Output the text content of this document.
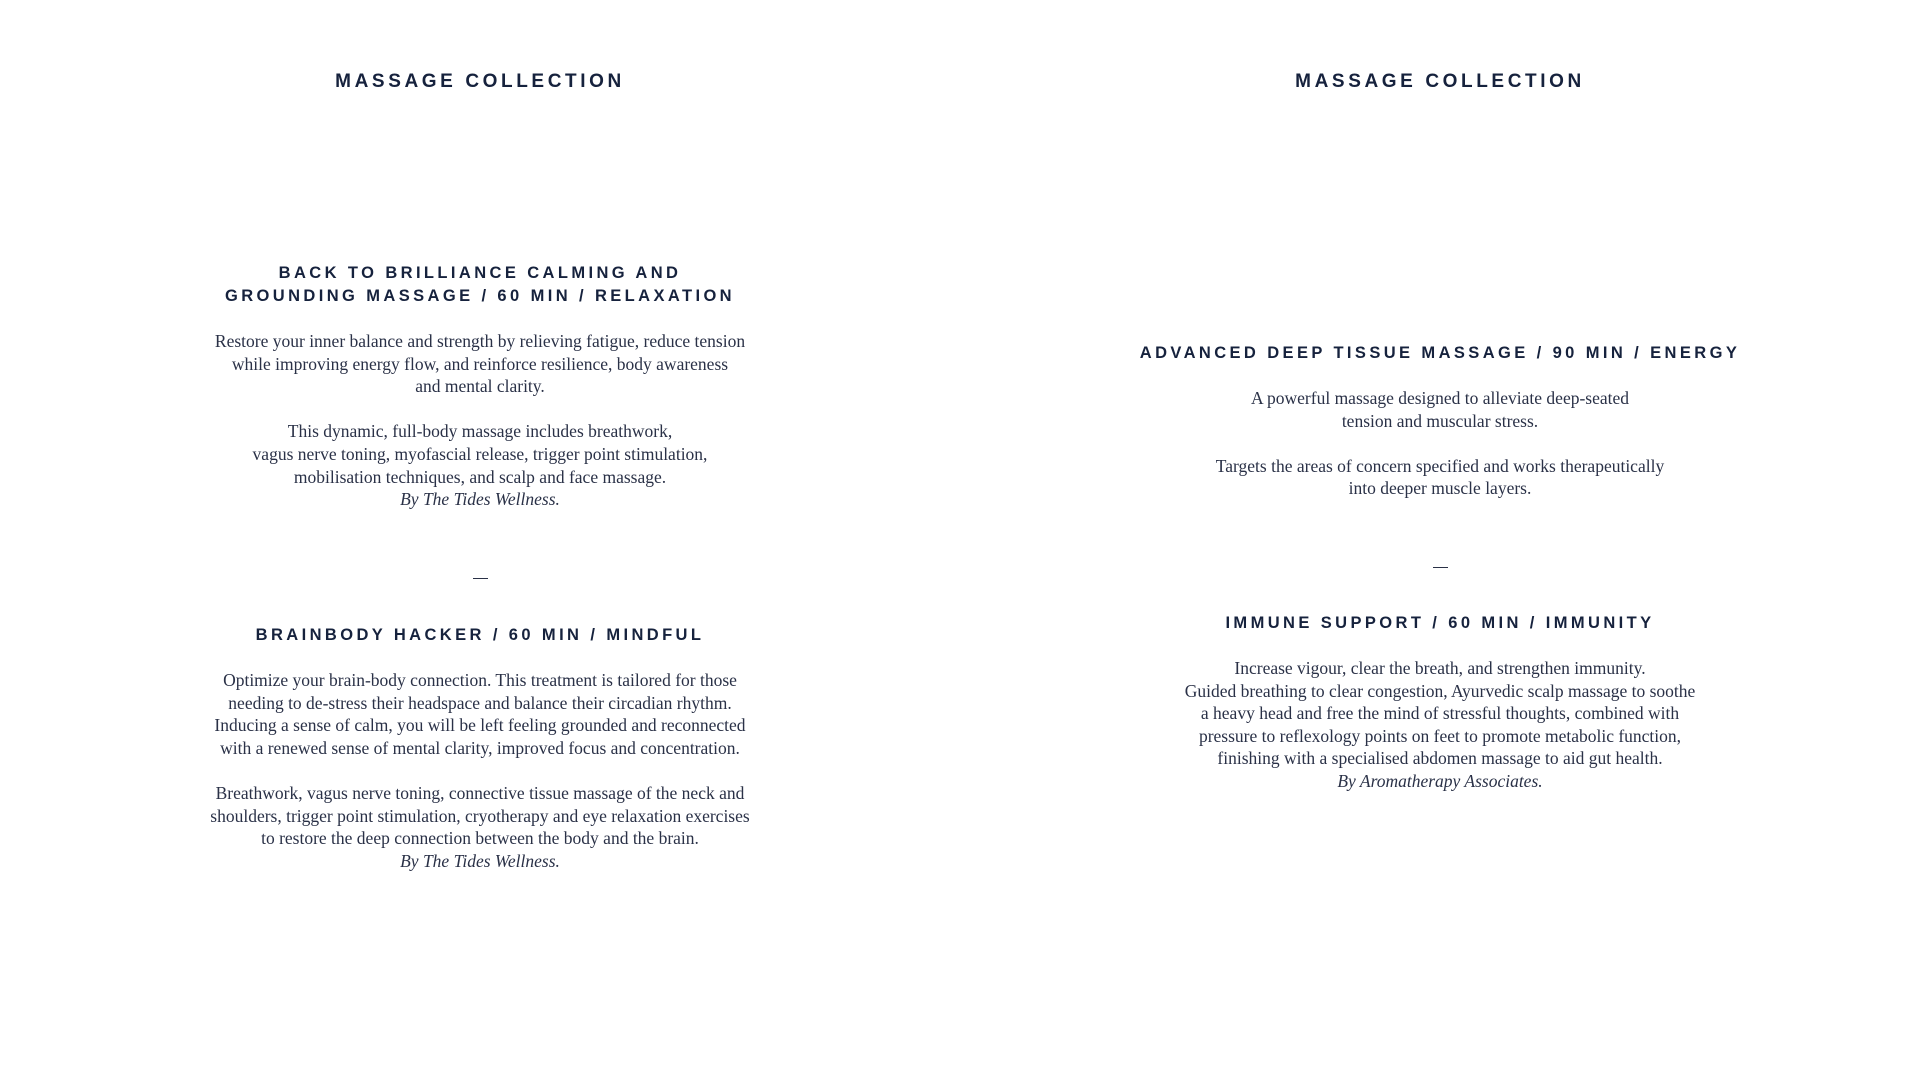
MASSAGE COLLECTION
BACK TO BRILLIANCE CALMING AND
GROUNDING MASSAGE / 60 MIN / RELAXATION
Restore your inner balance and strength by relieving fatigue, reduce tension
while improving energy flow, and reinforce resilience, body awareness
and mental clarity.
This dynamic, full-body massage includes breathwork,
vagus nerve toning, myofascial release, trigger point stimulation,
mobilisation techniques, and scalp and face massage.
By The Tides Wellness.
BRAINBODY HACKER / 60 MIN / MINDFUL
Optimize your brain-body connection. This treatment is tailored for those
needing to de-stress their headspace and balance their circadian rhythm.
Inducing a sense of calm, you will be left feeling grounded and reconnected
with a renewed sense of mental clarity, improved focus and concentration.
Breathwork, vagus nerve toning, connective tissue massage of the neck and
shoulders, trigger point stimulation, cryotherapy and eye relaxation exercises
to restore the deep connection between the body and the brain.
By The Tides Wellness.
MASSAGE COLLECTION
ADVANCED DEEP TISSUE MASSAGE / 90 MIN / ENERGY
A powerful massage designed to alleviate deep-seated
tension and muscular stress.
Targets the areas of concern specified and works therapeutically
into deeper muscle layers.
IMMUNE SUPPORT / 60 MIN / IMMUNITY
Increase vigour, clear the breath, and strengthen immunity.
Guided breathing to clear congestion, Ayurvedic scalp massage to soothe
a heavy head and free the mind of stressful thoughts, combined with
pressure to reflexology points on feet to promote metabolic function,
finishing with a specialised abdomen massage to aid gut health.
By Aromatherapy Associates.
